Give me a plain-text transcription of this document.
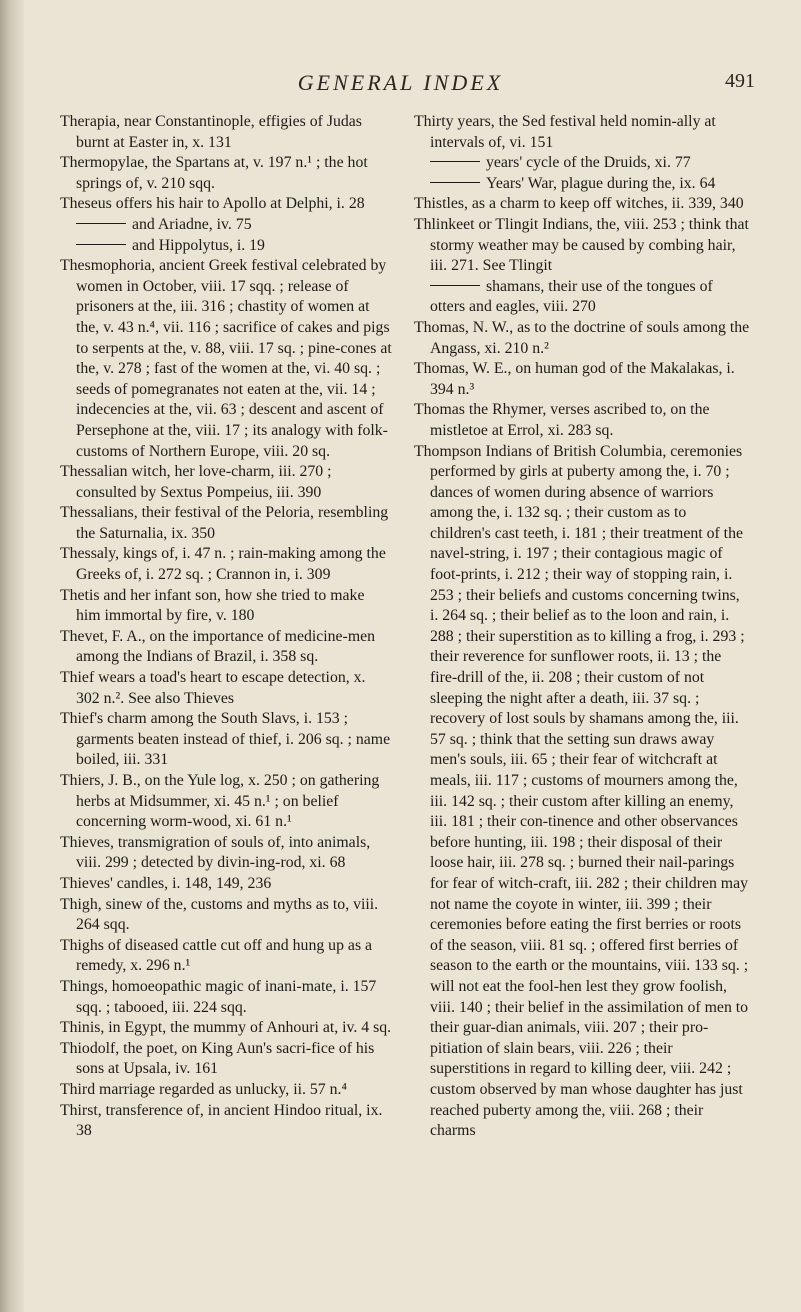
GENERAL INDEX	491

Therapia, near Constantinople, effigies of Judas burnt at Easter in, x. 131

Thermopylae, the Spartans at, v. 197 n.¹ ; the hot springs of, v. 210 sqq.

Theseus offers his hair to Apollo at Delphi, i. 28

and Ariadne, iv. 75

and Hippolytus, i. 19

Thesmophoria, ancient Greek festival celebrated by women in October, viii. 17 sqq. ; release of prisoners at the, iii. 316 ; chastity of women at the, v. 43 n.⁴, vii. 116 ; sacrifice of cakes and pigs to serpents at the, v. 88, viii. 17 sq. ; pine-cones at the, v. 278 ; fast of the women at the, vi. 40 sq. ; seeds of pomegranates not eaten at the, vii. 14 ; indecencies at the, vii. 63 ; descent and ascent of Persephone at the, viii. 17 ; its analogy with folk-customs of Northern Europe, viii. 20 sq.

Thessalian witch, her love-charm, iii. 270 ; consulted by Sextus Pompeius, iii. 390

Thessalians, their festival of the Peloria, resembling the Saturnalia, ix. 350

Thessaly, kings of, i. 47 n. ; rain-making among the Greeks of, i. 272 sq. ; Crannon in, i. 309

Thetis and her infant son, how she tried to make him immortal by fire, v. 180

Thevet, F. A., on the importance of medicine-men among the Indians of Brazil, i. 358 sq.

Thief wears a toad's heart to escape detection, x. 302 n.². See also Thieves

Thief's charm among the South Slavs, i. 153 ; garments beaten instead of thief, i. 206 sq. ; name boiled, iii. 331

Thiers, J. B., on the Yule log, x. 250 ; on gathering herbs at Midsummer, xi. 45 n.¹ ; on belief concerning worm-wood, xi. 61 n.¹

Thieves, transmigration of souls of, into animals, viii. 299 ; detected by divin-ing-rod, xi. 68

Thieves' candles, i. 148, 149, 236

Thigh, sinew of the, customs and myths as to, viii. 264 sqq.

Thighs of diseased cattle cut off and hung up as a remedy, x. 296 n.¹

Things, homoeopathic magic of inani-mate, i. 157 sqq. ; tabooed, iii. 224 sqq.

Thinis, in Egypt, the mummy of Anhouri at, iv. 4 sq.

Thiodolf, the poet, on King Aun's sacri-fice of his sons at Upsala, iv. 161

Third marriage regarded as unlucky, ii. 57 n.⁴

Thirst, transference of, in ancient Hindoo ritual, ix. 38

Thirty years, the Sed festival held nomin-ally at intervals of, vi. 151

years' cycle of the Druids, xi. 77

Years' War, plague during the, ix. 64

Thistles, as a charm to keep off witches, ii. 339, 340

Thlinkeet or Tlingit Indians, the, viii. 253 ; think that stormy weather may be caused by combing hair, iii. 271. See Tlingit

shamans, their use of the tongues of otters and eagles, viii. 270

Thomas, N. W., as to the doctrine of souls among the Angass, xi. 210 n.²

Thomas, W. E., on human god of the Makalakas, i. 394 n.³

Thomas the Rhymer, verses ascribed to, on the mistletoe at Errol, xi. 283 sq.

Thompson Indians of British Columbia, ceremonies performed by girls at puberty among the, i. 70 ; dances of women during absence of warriors among the, i. 132 sq. ; their custom as to children's cast teeth, i. 181 ; their treatment of the navel-string, i. 197 ; their contagious magic of foot-prints, i. 212 ; their way of stopping rain, i. 253 ; their beliefs and customs concerning twins, i. 264 sq. ; their belief as to the loon and rain, i. 288 ; their superstition as to killing a frog, i. 293 ; their reverence for sunflower roots, ii. 13 ; the fire-drill of the, ii. 208 ; their custom of not sleeping the night after a death, iii. 37 sq. ; recovery of lost souls by shamans among the, iii. 57 sq. ; think that the setting sun draws away men's souls, iii. 65 ; their fear of witchcraft at meals, iii. 117 ; customs of mourners among the, iii. 142 sq. ; their custom after killing an enemy, iii. 181 ; their con-tinence and other observances before hunting, iii. 198 ; their disposal of their loose hair, iii. 278 sq. ; burned their nail-parings for fear of witch-craft, iii. 282 ; their children may not name the coyote in winter, iii. 399 ; their ceremonies before eating the first berries or roots of the season, viii. 81 sq. ; offered first berries of season to the earth or the mountains, viii. 133 sq. ; will not eat the fool-hen lest they grow foolish, viii. 140 ; their belief in the assimilation of men to their guar-dian animals, viii. 207 ; their pro-pitiation of slain bears, viii. 226 ; their superstitions in regard to killing deer, viii. 242 ; custom observed by man whose daughter has just reached puberty among the, viii. 268 ; their charms
